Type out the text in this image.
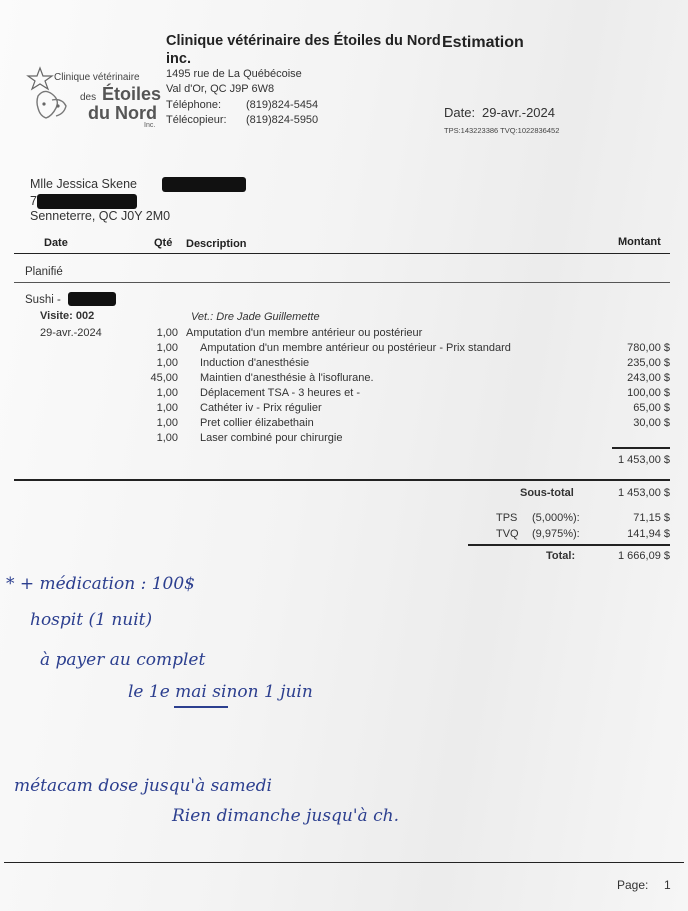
Clinique vétérinaire
des Étoiles
du Nord
Inc.
Clinique vétérinaire des Étoiles du Nord
inc.
1495 rue de La Québécoise
Val d'Or, QC J9P 6W8
Téléphone: (819)824-5454
Télécopieur: (819)824-5950
Estimation
Date: 29-avr.-2024
TPS:143223386 TVQ:1022836452
Mlle Jessica Skene
7
Senneterre, QC J0Y 2M0
Date	Qté Description	Montant
Planifié
Sushi -
Visite: 002	Vet.: Dre Jade Guillemette
29-avr.-2024	1,00 Amputation d'un membre antérieur ou postérieur
1,00 Amputation d'un membre antérieur ou postérieur - Prix standard	780,00 $
1,00 Induction d'anesthésie	235,00 $
45,00 Maintien d'anesthésie à l'isoflurane.	243,00 $
1,00 Déplacement TSA - 3 heures et -	100,00 $
1,00 Cathéter iv - Prix régulier	65,00 $
1,00 Pret collier élizabethain	30,00 $
1,00 Laser combiné pour chirurgie
1 453,00 $
Sous-total	1 453,00 $
TPS (5,000%):	71,15 $
TVQ (9,975%):	141,94 $
Total:	1 666,09 $
* + médication : 100$
hospit (1 nuit)
à payer au complet
le 1e mai sinon 1 juin
métacam dose jusqu'à samedi
Rien dimanche jusqu'à ch.
Page: 1
